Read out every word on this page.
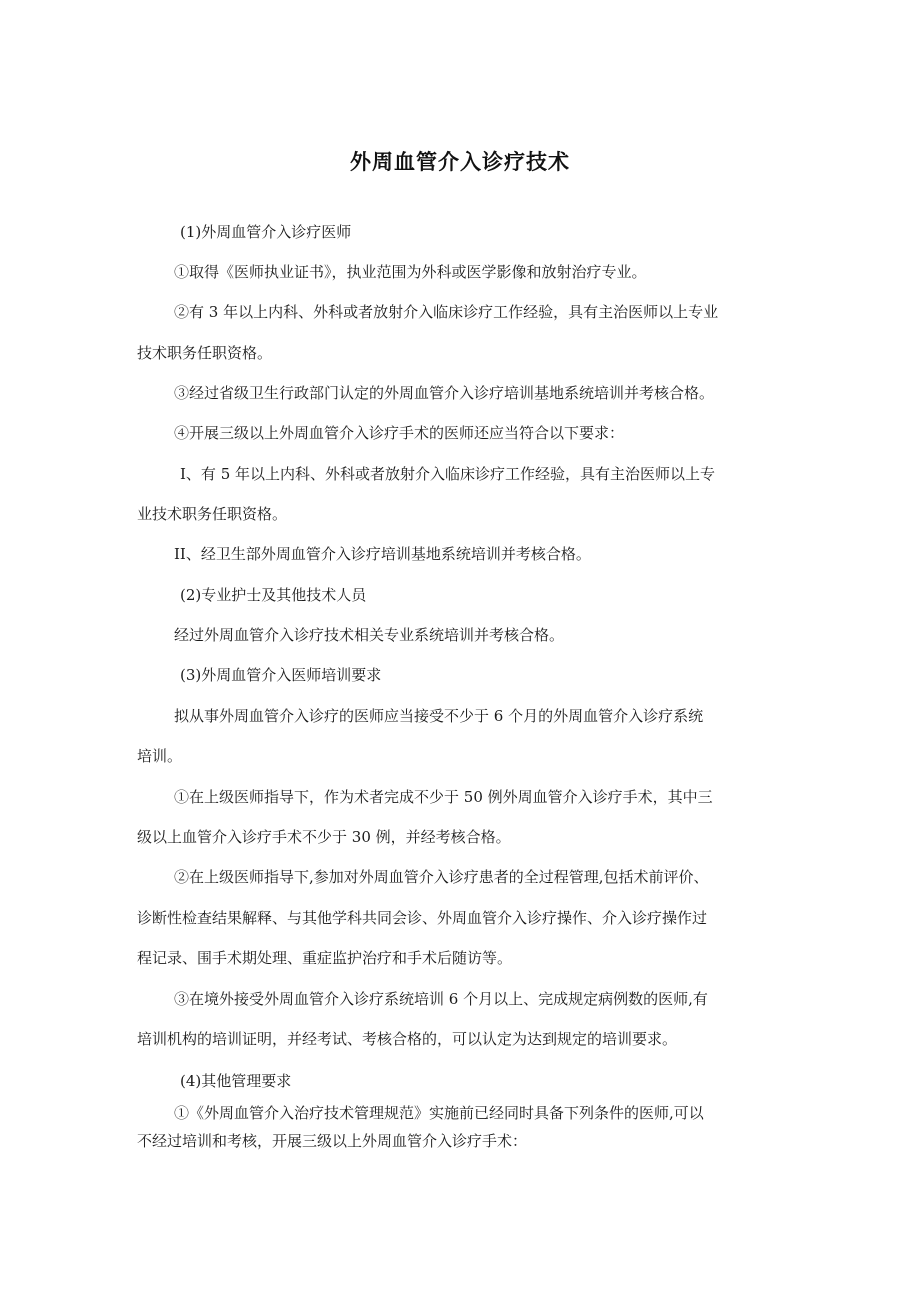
外周血管介入诊疗技术
(1)外周血管介入诊疗医师
①取得《医师执业证书》，执业范围为外科或医学影像和放射治疗专业。
②有 3 年以上内科、外科或者放射介入临床诊疗工作经验，具有主治医师以上专业
技术职务任职资格。
③经过省级卫生行政部门认定的外周血管介入诊疗培训基地系统培训并考核合格。
④开展三级以上外周血管介入诊疗手术的医师还应当符合以下要求：
I、有 5 年以上内科、外科或者放射介入临床诊疗工作经验，具有主治医师以上专
业技术职务任职资格。
II、经卫生部外周血管介入诊疗培训基地系统培训并考核合格。
(2)专业护士及其他技术人员
经过外周血管介入诊疗技术相关专业系统培训并考核合格。
(3)外周血管介入医师培训要求
拟从事外周血管介入诊疗的医师应当接受不少于 6 个月的外周血管介入诊疗系统
培训。
①在上级医师指导下，作为术者完成不少于 50 例外周血管介入诊疗手术，其中三
级以上血管介入诊疗手术不少于 30 例，并经考核合格。
②在上级医师指导下,参加对外周血管介入诊疗患者的全过程管理,包括术前评价、
诊断性检查结果解释、与其他学科共同会诊、外周血管介入诊疗操作、介入诊疗操作过
程记录、围手术期处理、重症监护治疗和手术后随访等。
③在境外接受外周血管介入诊疗系统培训 6 个月以上、完成规定病例数的医师,有
培训机构的培训证明，并经考试、考核合格的，可以认定为达到规定的培训要求。
(4)其他管理要求
①《外周血管介入治疗技术管理规范》实施前已经同时具备下列条件的医师,可以
不经过培训和考核，开展三级以上外周血管介入诊疗手术：
